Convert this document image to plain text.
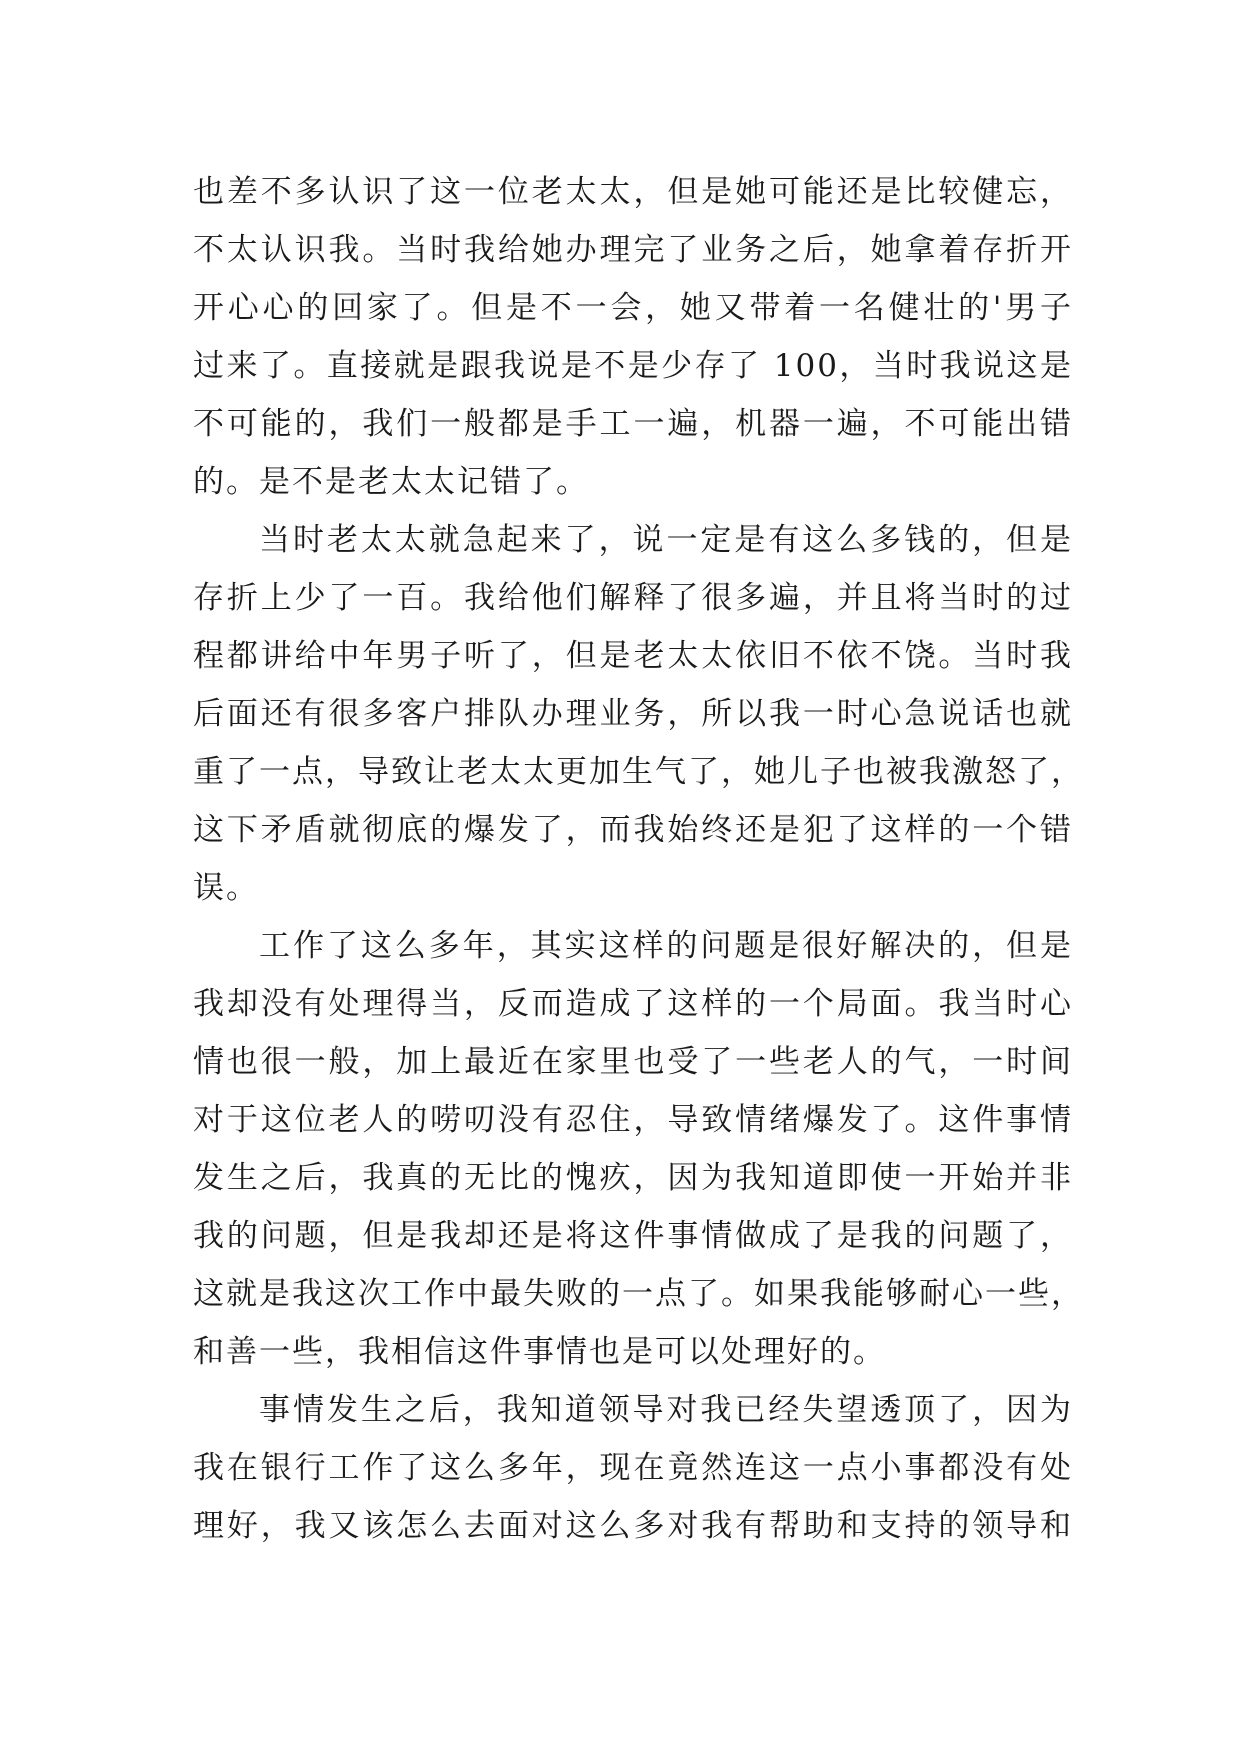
也差不多认识了这一位老太太，但是她可能还是比较健忘，
不太认识我。当时我给她办理完了业务之后，她拿着存折开
开心心的回家了。但是不一会，她又带着一名健壮的'男子
过来了。直接就是跟我说是不是少存了 100，当时我说这是
不可能的，我们一般都是手工一遍，机器一遍，不可能出错
的。是不是老太太记错了。
当时老太太就急起来了，说一定是有这么多钱的，但是
存折上少了一百。我给他们解释了很多遍，并且将当时的过
程都讲给中年男子听了，但是老太太依旧不依不饶。当时我
后面还有很多客户排队办理业务，所以我一时心急说话也就
重了一点，导致让老太太更加生气了，她儿子也被我激怒了，
这下矛盾就彻底的爆发了，而我始终还是犯了这样的一个错
误。
工作了这么多年，其实这样的问题是很好解决的，但是
我却没有处理得当，反而造成了这样的一个局面。我当时心
情也很一般，加上最近在家里也受了一些老人的气，一时间
对于这位老人的唠叨没有忍住，导致情绪爆发了。这件事情
发生之后，我真的无比的愧疚，因为我知道即使一开始并非
我的问题，但是我却还是将这件事情做成了是我的问题了，
这就是我这次工作中最失败的一点了。如果我能够耐心一些，
和善一些，我相信这件事情也是可以处理好的。
事情发生之后，我知道领导对我已经失望透顶了，因为
我在银行工作了这么多年，现在竟然连这一点小事都没有处
理好，我又该怎么去面对这么多对我有帮助和支持的领导和
